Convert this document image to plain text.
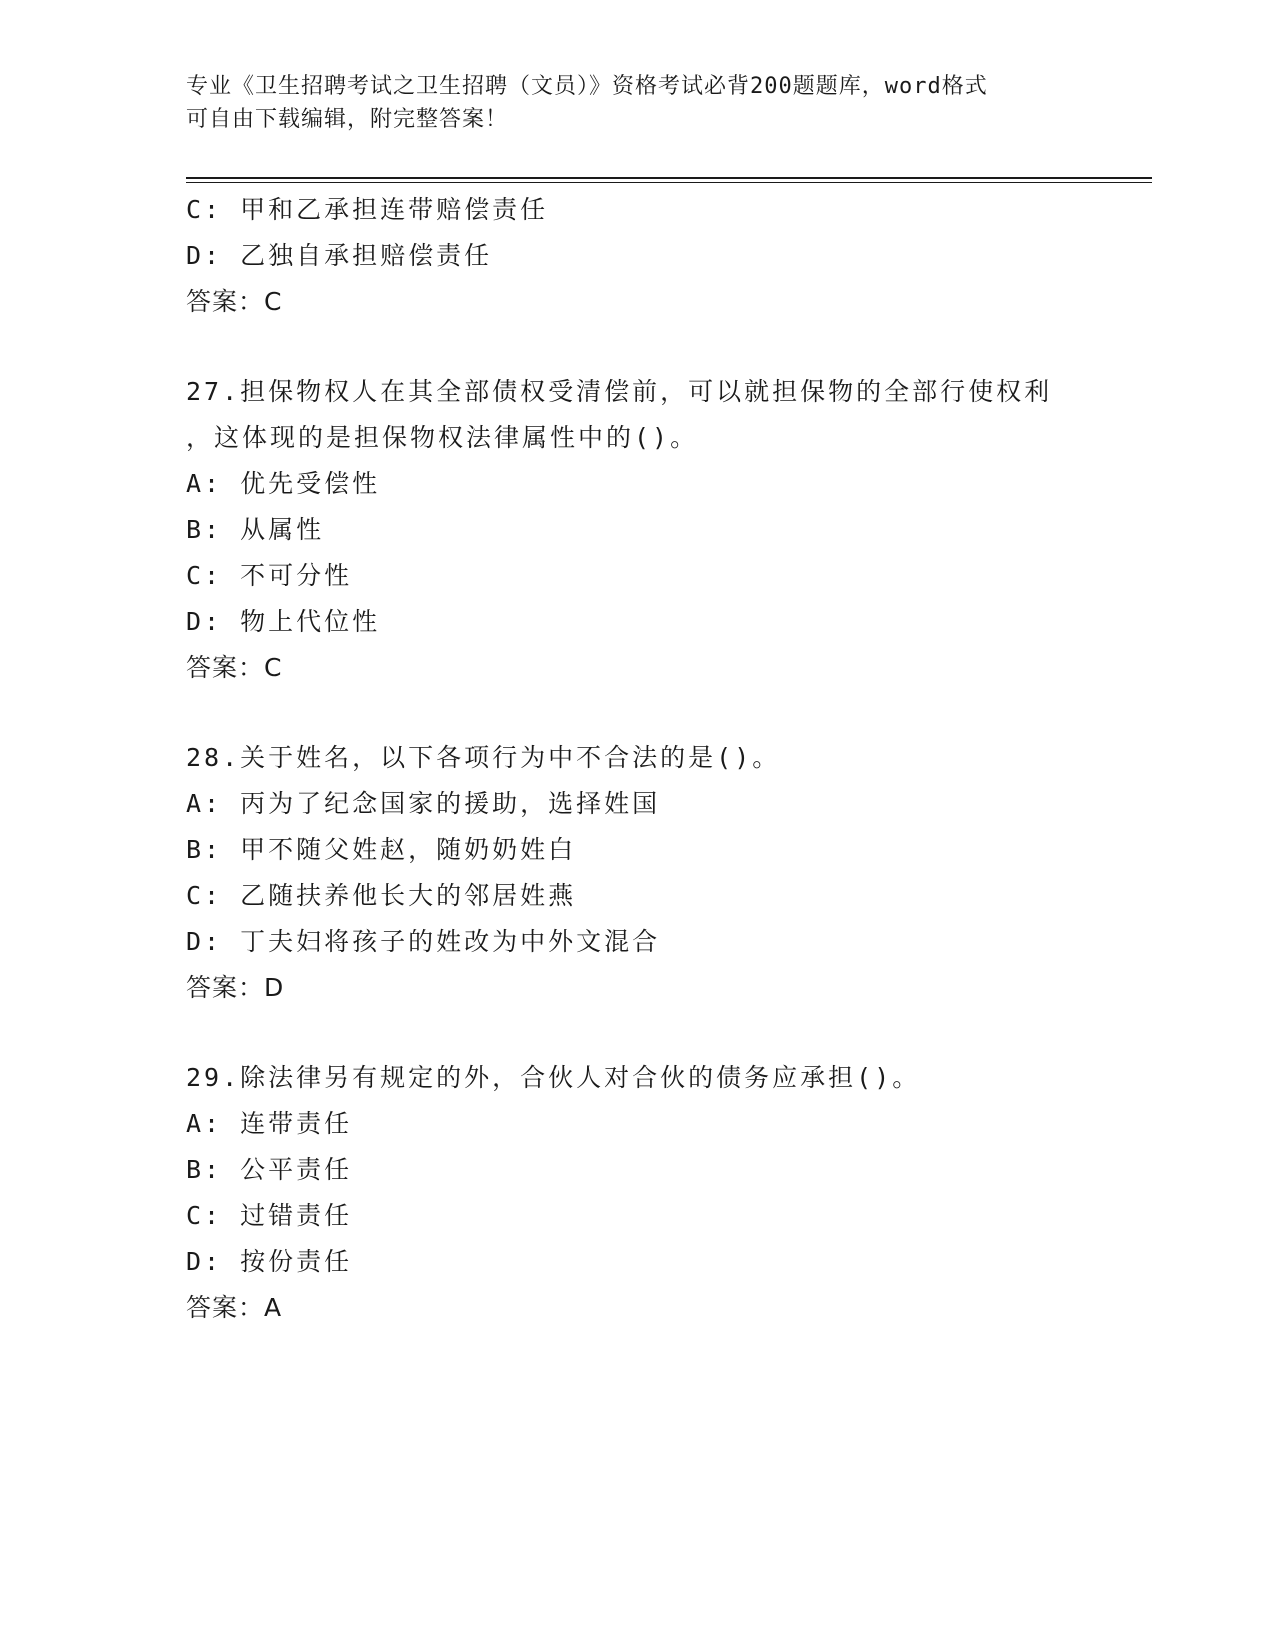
专业《卫生招聘考试之卫生招聘（文员）》资格考试必背200题题库，word格式
可自由下载编辑，附完整答案！
C: 甲和乙承担连带赔偿责任
D: 乙独自承担赔偿责任
答案：C
27.担保物权人在其全部债权受清偿前，可以就担保物的全部行使权利
，这体现的是担保物权法律属性中的()。
A: 优先受偿性
B: 从属性
C: 不可分性
D: 物上代位性
答案：C
28.关于姓名，以下各项行为中不合法的是()。
A: 丙为了纪念国家的援助，选择姓国
B: 甲不随父姓赵，随奶奶姓白
C: 乙随扶养他长大的邻居姓燕
D: 丁夫妇将孩子的姓改为中外文混合
答案：D
29.除法律另有规定的外，合伙人对合伙的债务应承担()。
A: 连带责任
B: 公平责任
C: 过错责任
D: 按份责任
答案：A
